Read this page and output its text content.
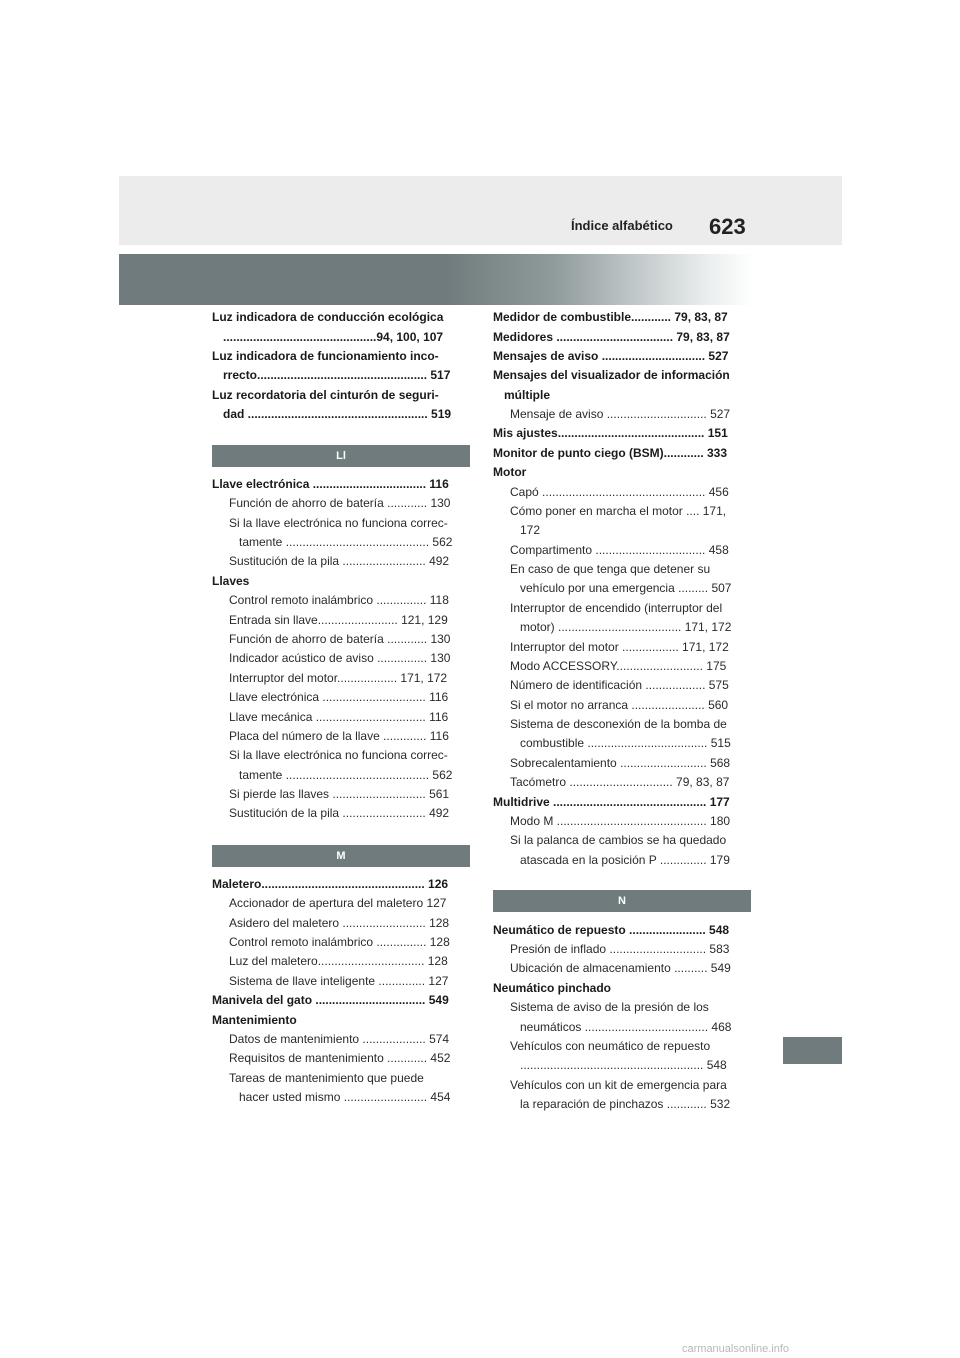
Índice alfabético 623
Luz indicadora de conducción ecológica
..............................................94, 100, 107
Luz indicadora de funcionamiento inco-
rrecto................................................... 517
Luz recordatoria del cinturón de seguri-
dad ...................................................... 519
Ll
Llave electrónica .................................. 116
Función de ahorro de batería ............ 130
Si la llave electrónica no funciona correc-
tamente ........................................... 562
Sustitución de la pila ......................... 492
Llaves
Control remoto inalámbrico ............... 118
Entrada sin llave........................ 121, 129
Función de ahorro de batería ............ 130
Indicador acústico de aviso ............... 130
Interruptor del motor.................. 171, 172
Llave electrónica ............................... 116
Llave mecánica ................................. 116
Placa del número de la llave ............. 116
Si la llave electrónica no funciona correc-
tamente ........................................... 562
Si pierde las llaves ............................ 561
Sustitución de la pila ......................... 492
M
Maletero................................................. 126
Accionador de apertura del maletero 127
Asidero del maletero ......................... 128
Control remoto inalámbrico ............... 128
Luz del maletero................................ 128
Sistema de llave inteligente .............. 127
Manivela del gato ................................. 549
Mantenimiento
Datos de mantenimiento ................... 574
Requisitos de mantenimiento ............ 452
Tareas de mantenimiento que puede
hacer usted mismo ......................... 454
Medidor de combustible............ 79, 83, 87
Medidores ................................... 79, 83, 87
Mensajes de aviso ............................... 527
Mensajes del visualizador de información
múltiple
Mensaje de aviso .............................. 527
Mis ajustes............................................ 151
Monitor de punto ciego (BSM)............ 333
Motor
Capó ................................................. 456
Cómo poner en marcha el motor .... 171,
172
Compartimento ................................. 458
En caso de que tenga que detener su
vehículo por una emergencia ......... 507
Interruptor de encendido (interruptor del
motor) ..................................... 171, 172
Interruptor del motor ................. 171, 172
Modo ACCESSORY.......................... 175
Número de identificación .................. 575
Si el motor no arranca ...................... 560
Sistema de desconexión de la bomba de
combustible .................................... 515
Sobrecalentamiento .......................... 568
Tacómetro ............................... 79, 83, 87
Multidrive .............................................. 177
Modo M ............................................. 180
Si la palanca de cambios se ha quedado
atascada en la posición P .............. 179
N
Neumático de repuesto ....................... 548
Presión de inflado ............................. 583
Ubicación de almacenamiento .......... 549
Neumático pinchado
Sistema de aviso de la presión de los
neumáticos ..................................... 468
Vehículos con neumático de repuesto
....................................................... 548
Vehículos con un kit de emergencia para
la reparación de pinchazos ............ 532
carmanualsonline.info
